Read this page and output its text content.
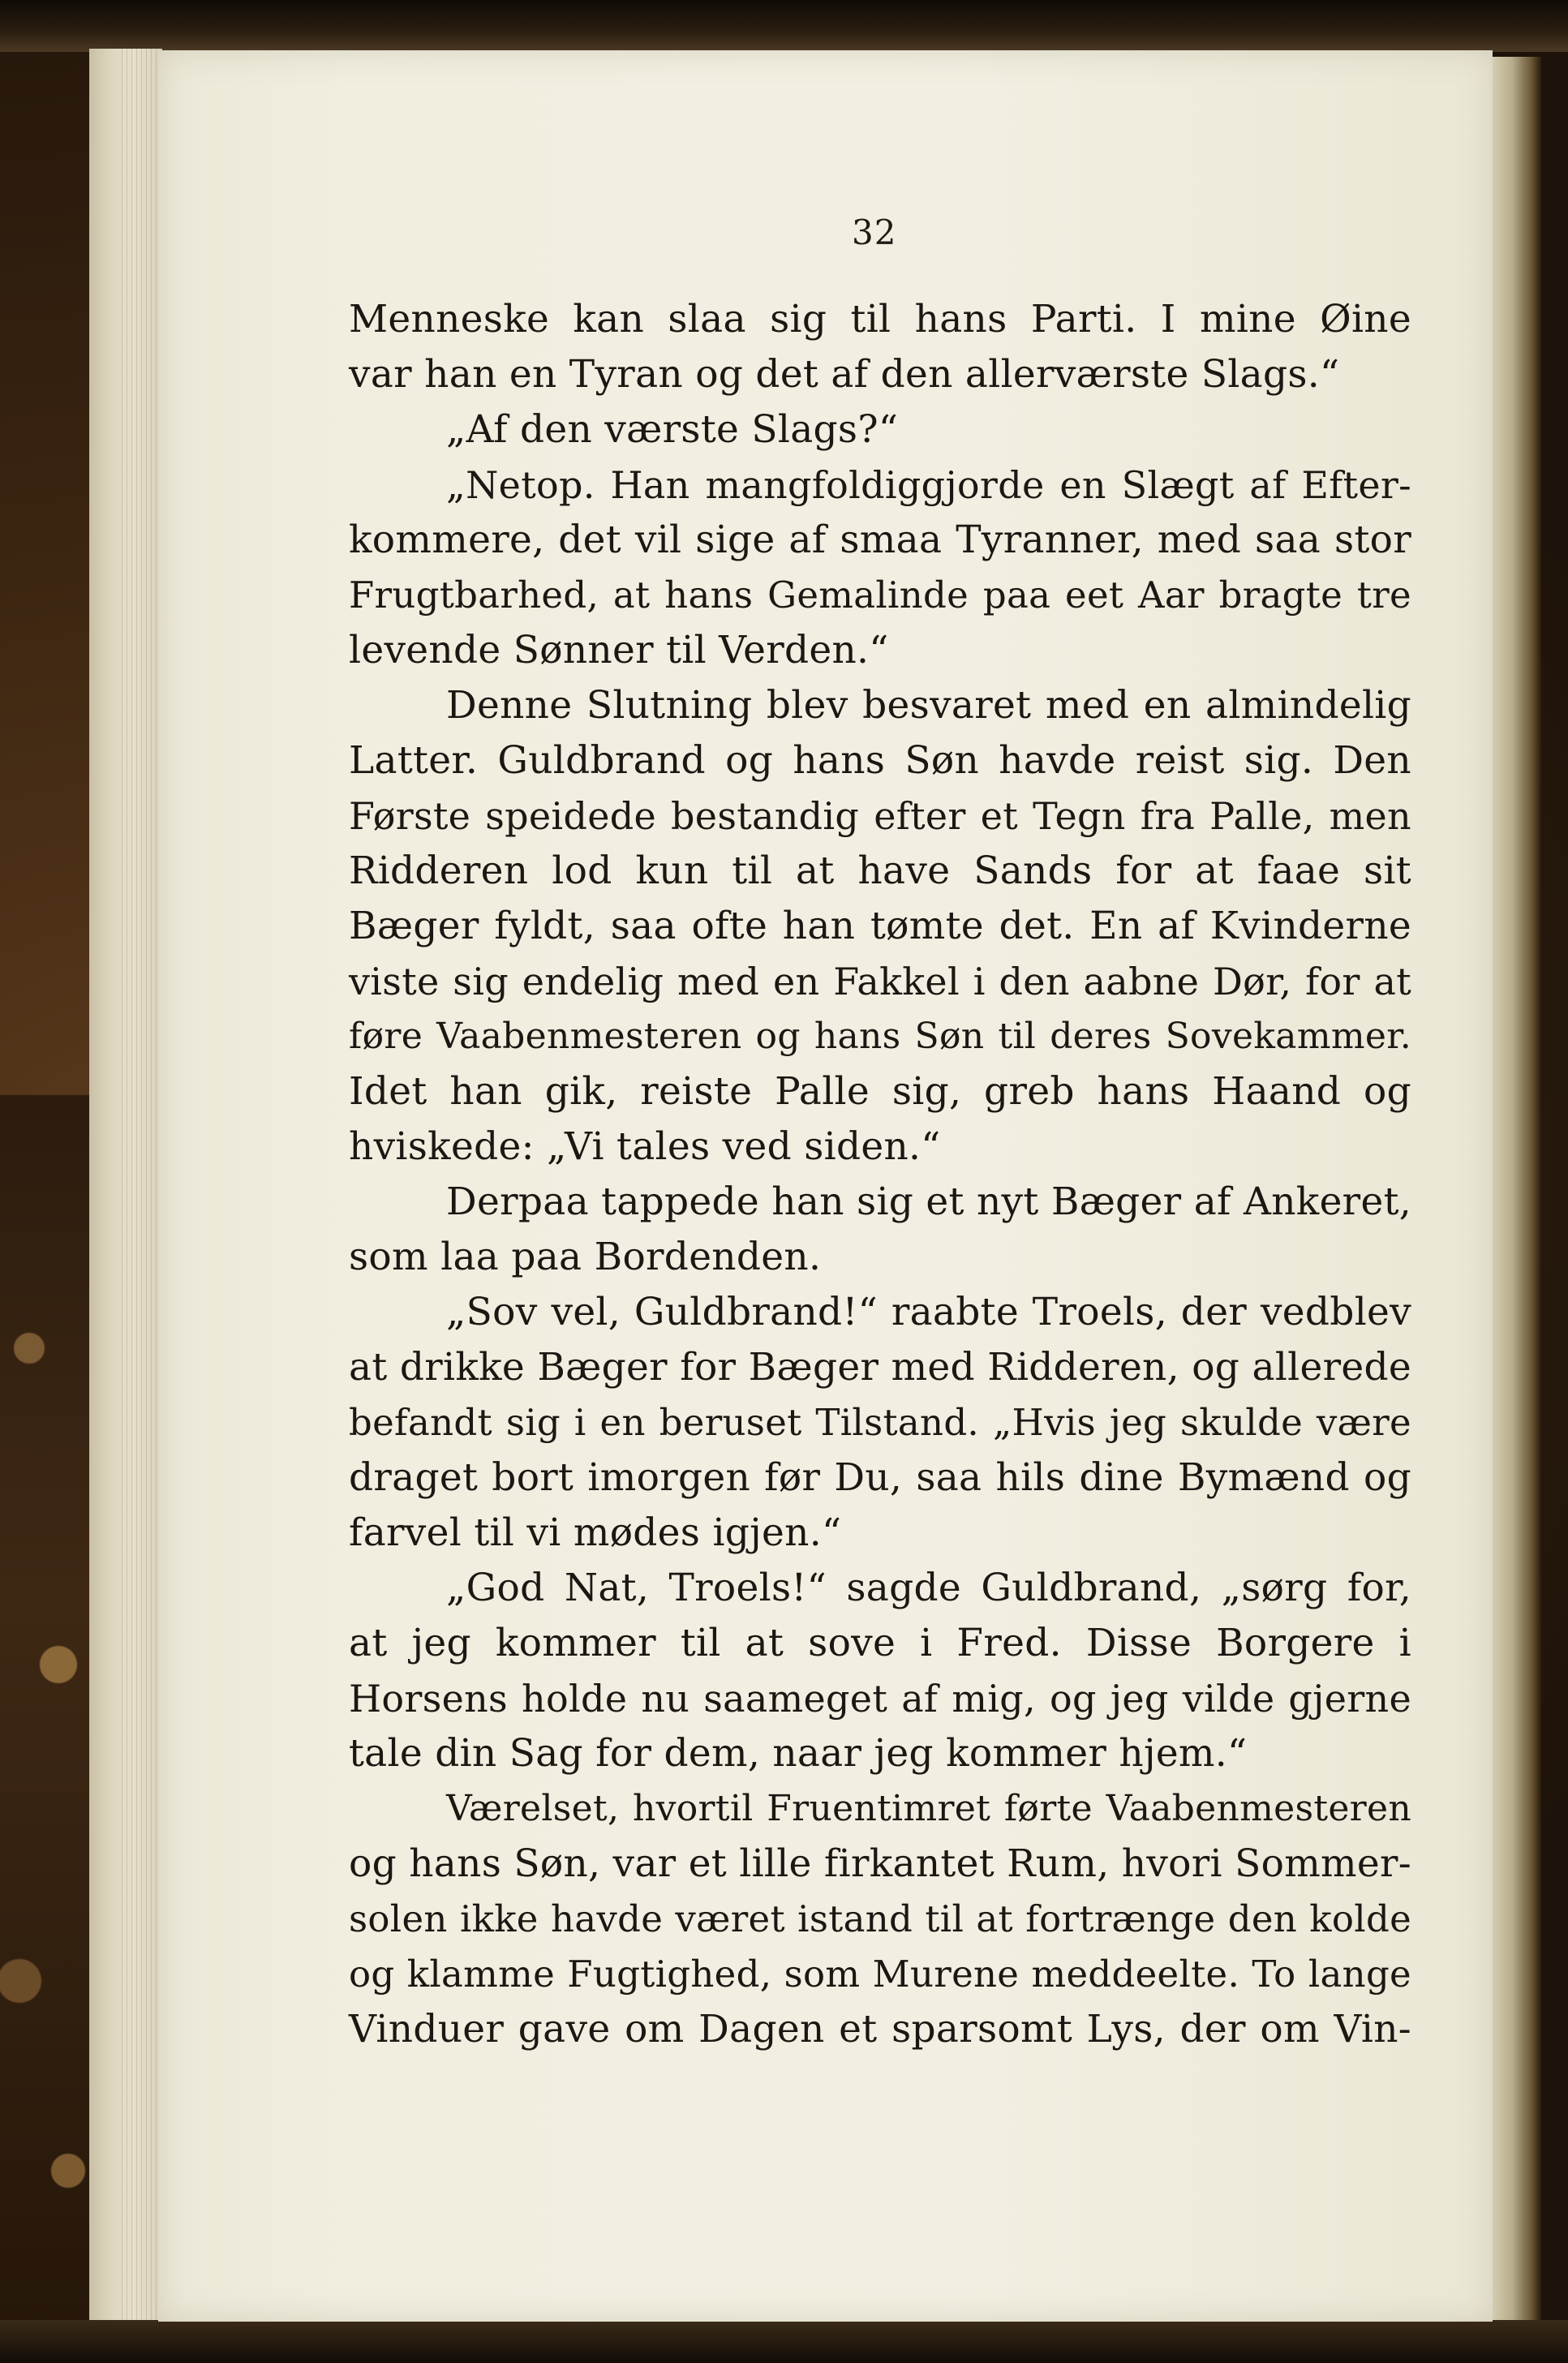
32
Menneske kan slaa sig til hans Parti. I mine Øine
var han en Tyran og det af den allerværste Slags.“
„Af den værste Slags?“
„Netop. Han mangfoldiggjorde en Slægt af Efter-
kommere, det vil sige af smaa Tyranner, med saa stor
Frugtbarhed, at hans Gemalinde paa eet Aar bragte tre
levende Sønner til Verden.“
Denne Slutning blev besvaret med en almindelig
Latter. Guldbrand og hans Søn havde reist sig. Den
Første speidede bestandig efter et Tegn fra Palle, men
Ridderen lod kun til at have Sands for at faae sit
Bæger fyldt, saa ofte han tømte det. En af Kvinderne
viste sig endelig med en Fakkel i den aabne Dør, for at
føre Vaabenmesteren og hans Søn til deres Sovekammer.
Idet han gik, reiste Palle sig, greb hans Haand og
hviskede: „Vi tales ved siden.“
Derpaa tappede han sig et nyt Bæger af Ankeret,
som laa paa Bordenden.
„Sov vel, Guldbrand!“ raabte Troels, der vedblev
at drikke Bæger for Bæger med Ridderen, og allerede
befandt sig i en beruset Tilstand. „Hvis jeg skulde være
draget bort imorgen før Du, saa hils dine Bymænd og
farvel til vi mødes igjen.“
„God Nat, Troels!“ sagde Guldbrand, „sørg for,
at jeg kommer til at sove i Fred. Disse Borgere i
Horsens holde nu saameget af mig, og jeg vilde gjerne
tale din Sag for dem, naar jeg kommer hjem.“
Værelset, hvortil Fruentimret førte Vaabenmesteren
og hans Søn, var et lille firkantet Rum, hvori Sommer-
solen ikke havde været istand til at fortrænge den kolde
og klamme Fugtighed, som Murene meddeelte. To lange
Vinduer gave om Dagen et sparsomt Lys, der om Vin-
